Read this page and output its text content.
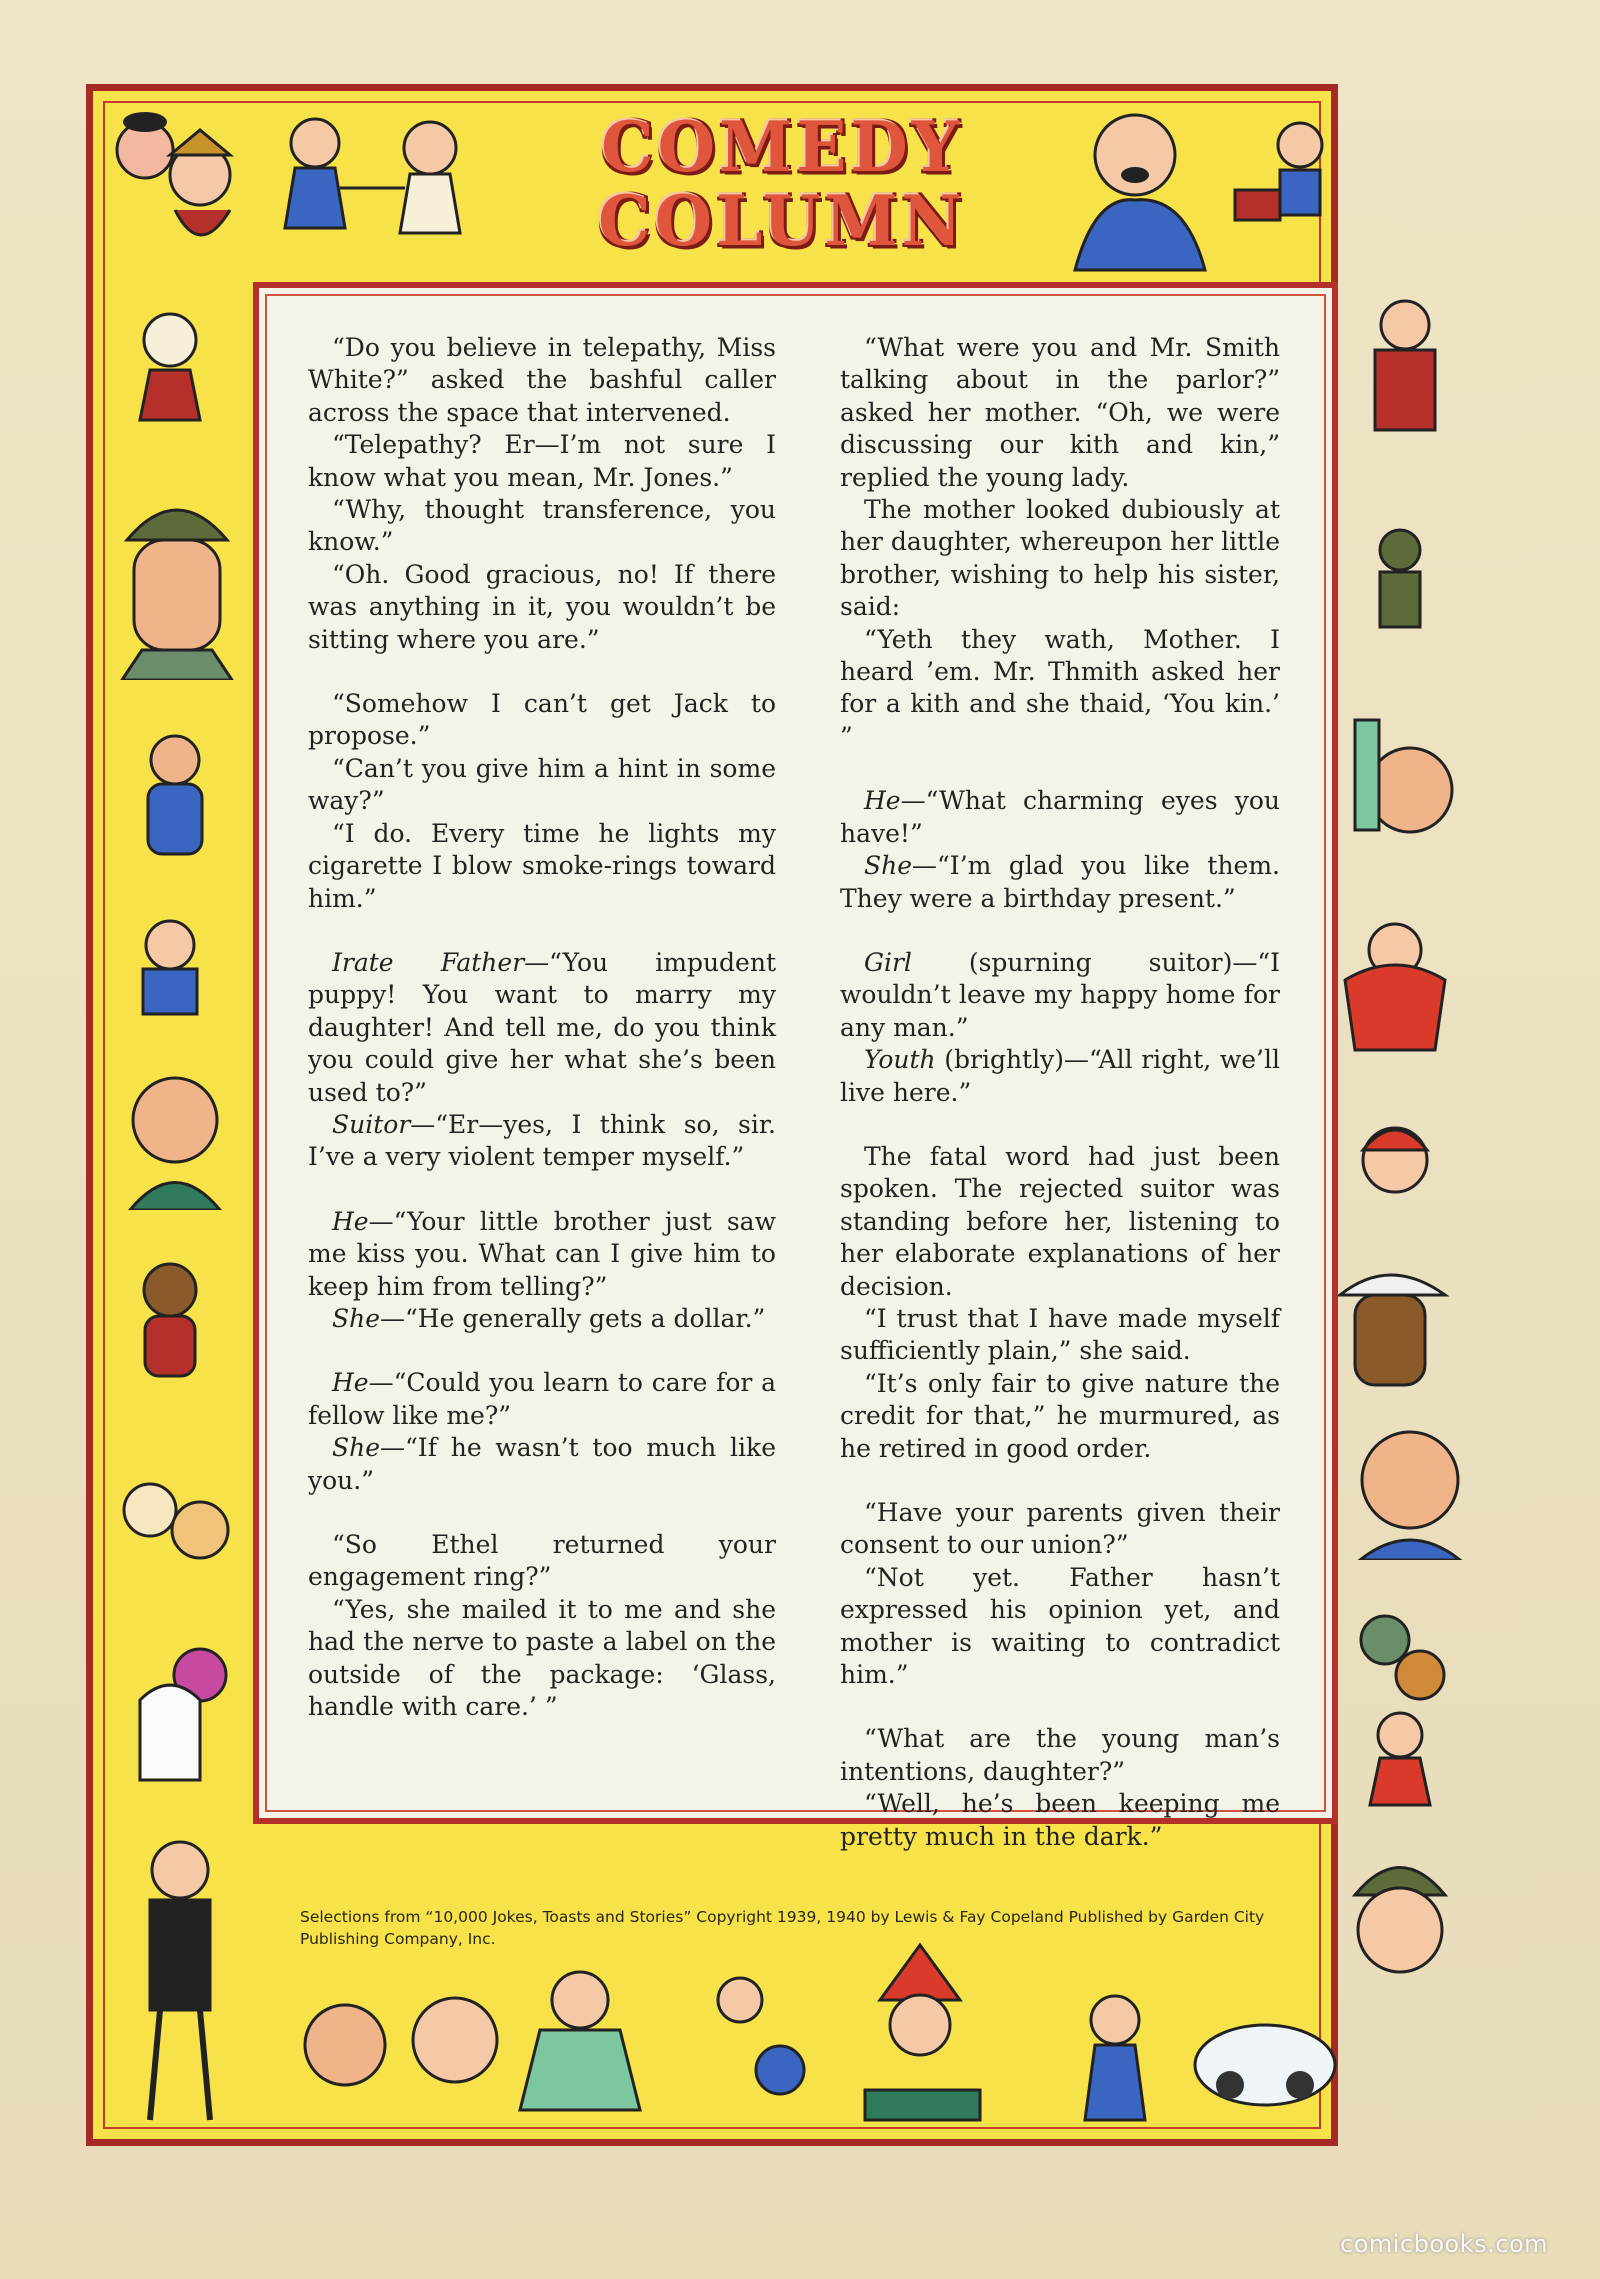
COMEDY
COLUMN

“Do you believe in telepathy, Miss White?” asked the bashful caller across the space that intervened.

“Telepathy? Er—I’m not sure I know what you mean, Mr. Jones.”

“Why, thought transference, you know.”

“Oh. Good gracious, no! If there was anything in it, you wouldn’t be sitting where you are.”

“Somehow I can’t get Jack to propose.”

“Can’t you give him a hint in some way?”

“I do. Every time he lights my cigarette I blow smoke-rings toward him.”

Irate Father—“You impudent puppy! You want to marry my daughter! And tell me, do you think you could give her what she’s been used to?”

Suitor—“Er—yes, I think so, sir. I’ve a very violent temper myself.”

He—“Your little brother just saw me kiss you. What can I give him to keep him from telling?”

She—“He generally gets a dollar.”

He—“Could you learn to care for a fellow like me?”

She—“If he wasn’t too much like you.”

“So Ethel returned your engagement ring?”

“Yes, she mailed it to me and she had the nerve to paste a label on the outside of the package: ‘Glass, handle with care.’ ”

“What were you and Mr. Smith talking about in the parlor?” asked her mother. “Oh, we were discussing our kith and kin,” replied the young lady.

The mother looked dubiously at her daughter, whereupon her little brother, wishing to help his sister, said:

“Yeth they wath, Mother. I heard ’em. Mr. Thmith asked her for a kith and she thaid, ‘You kin.’ ”

He—“What charming eyes you have!”

She—“I’m glad you like them. They were a birthday present.”

Girl (spurning suitor)—“I wouldn’t leave my happy home for any man.”

Youth (brightly)—“All right, we’ll live here.”

The fatal word had just been spoken. The rejected suitor was standing before her, listening to her elaborate explanations of her decision.

“I trust that I have made myself sufficiently plain,” she said.

“It’s only fair to give nature the credit for that,” he murmured, as he retired in good order.

“Have your parents given their consent to our union?”

“Not yet. Father hasn’t expressed his opinion yet, and mother is waiting to contradict him.”

“What are the young man’s intentions, daughter?”

“Well, he’s been keeping me pretty much in the dark.”

Selections from “10,000 Jokes, Toasts and Stories” Copyright 1939, 1940 by Lewis & Fay Copeland Published by Garden City Publishing Company, Inc.
comicbooks.com
